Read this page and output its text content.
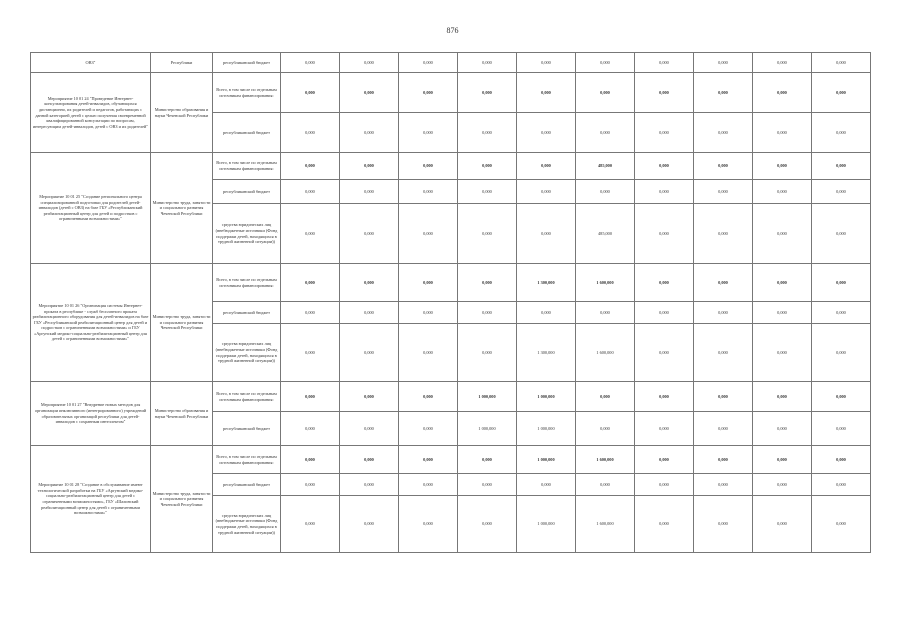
876
ОВЗ"	Республики	республиканский бюджет	0,000	0,000	0,000	0,000	0,000	0,000	0,000	0,000	0,000	0,000
Мероприятие 10 01 24 "Проведение Интернет-консультирования детей-инвалидов, обучающихся дистанционно, их родителей и педагогов, работающих с данной категорией детей с целью получения своевременной квалифицированной консультации по вопросам, интересующим детей-инвалидов, детей с ОВЗ и их родителей"	Министерство образования и науки Чеченской Республики	Всего, в том числе по отдельным источникам финансирования:	0,000	0,000	0,000	0,000	0,000	0,000	0,000	0,000	0,000	0,000
		республиканский бюджет	0,000	0,000	0,000	0,000	0,000	0,000	0,000	0,000	0,000	0,000
Мероприятие 10 01 25 "Создание регионального центра специализированной подготовки для родителей детей-инвалидов (детей с ОВЗ) на базе ГБУ «Республиканский реабилитационный центр для детей и подростков с ограниченными возможностями»"	Министерство труда, занятости и социального развития Чеченской Республики	Всего, в том числе по отдельным источникам финансирования:	0,000	0,000	0,000	0,000	0,000	485,000	0,000	0,000	0,000	0,000
		республиканский бюджет	0,000	0,000	0,000	0,000	0,000	0,000	0,000	0,000	0,000	0,000
		средства юридических лиц (внебюджетные источники (Фонд поддержки детей, находящихся в трудной жизненной ситуации))	0,000	0,000	0,000	0,000	0,000	485,000	0,000	0,000	0,000	0,000
Мероприятие 10 01 26 "Организация системы Интернет-проката в республике - служб бесплатного проката реабилитационного оборудования для детей-инвалидов на базе ГБУ «Республиканский реабилитационный центр для детей и подростков с ограниченными возможностями» и ГБУ «Аргунский медико-социально-реабилитационный центр для детей с ограниченными возможностями»"	Министерство труда, занятости и социального развития Чеченской Республики	Всего, в том числе по отдельным источникам финансирования:	0,000	0,000	0,000	0,000	1 300,000	1 600,000	0,000	0,000	0,000	0,000
		республиканский бюджет	0,000	0,000	0,000	0,000	0,000	0,000	0,000	0,000	0,000	0,000
		средства юридических лиц (внебюджетные источники (Фонд поддержки детей, находящихся в трудной жизненной ситуации))	0,000	0,000	0,000	0,000	1 300,000	1 600,000	0,000	0,000	0,000	0,000
Мероприятие 10 01 27 "Внедрение новых методов для организации инклюзивного (интегрированного) учреждений образовательных организаций республики для детей-инвалидов с сохранным интеллектом"	Министерство образования и науки Чеченской Республики	Всего, в том числе по отдельным источникам финансирования:	0,000	0,000	0,000	1 000,000	1 000,000	0,000	0,000	0,000	0,000	0,000
		республиканский бюджет	0,000	0,000	0,000	1 000,000	1 000,000	0,000	0,000	0,000	0,000	0,000
Мероприятие 10 01 28 "Создание в обслуживание имеют технологической разработки на ГБУ «Аргунский медико-социально-реабилитационный центр для детей с ограниченными возможностями», ГБУ «Шалинский реабилитационный центр для детей с ограниченными возможностями»"	Министерство труда, занятости и социального развития Чеченской Республики	Всего, в том числе по отдельным источникам финансирования:	0,000	0,000	0,000	0,000	1 000,000	1 600,000	0,000	0,000	0,000	0,000
		республиканский бюджет	0,000	0,000	0,000	0,000	0,000	0,000	0,000	0,000	0,000	0,000
		средства юридических лиц (внебюджетные источники (Фонд поддержки детей, находящихся в трудной жизненной ситуации))	0,000	0,000	0,000	0,000	1 000,000	1 600,000	0,000	0,000	0,000	0,000
